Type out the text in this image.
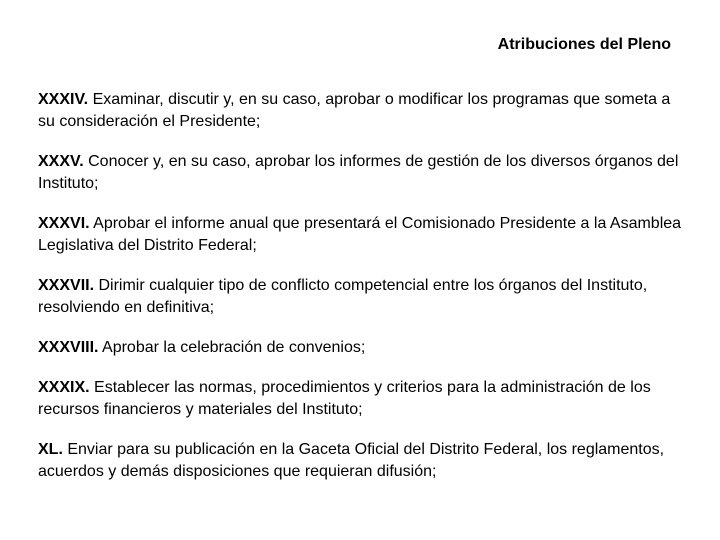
Atribuciones del Pleno
XXXIV. Examinar, discutir y, en su caso, aprobar o modificar los programas que someta a su consideración el Presidente;
XXXV. Conocer y, en su caso, aprobar los informes de gestión de los diversos órganos del Instituto;
XXXVI. Aprobar el informe anual que presentará el Comisionado Presidente a la Asamblea Legislativa del Distrito Federal;
XXXVII. Dirimir cualquier tipo de conflicto competencial entre los órganos del Instituto, resolviendo en definitiva;
XXXVIII. Aprobar la celebración de convenios;
XXXIX. Establecer las normas, procedimientos y criterios para la administración de los recursos financieros y materiales del Instituto;
XL. Enviar para su publicación en la Gaceta Oficial del Distrito Federal, los reglamentos, acuerdos y demás disposiciones que requieran difusión;
